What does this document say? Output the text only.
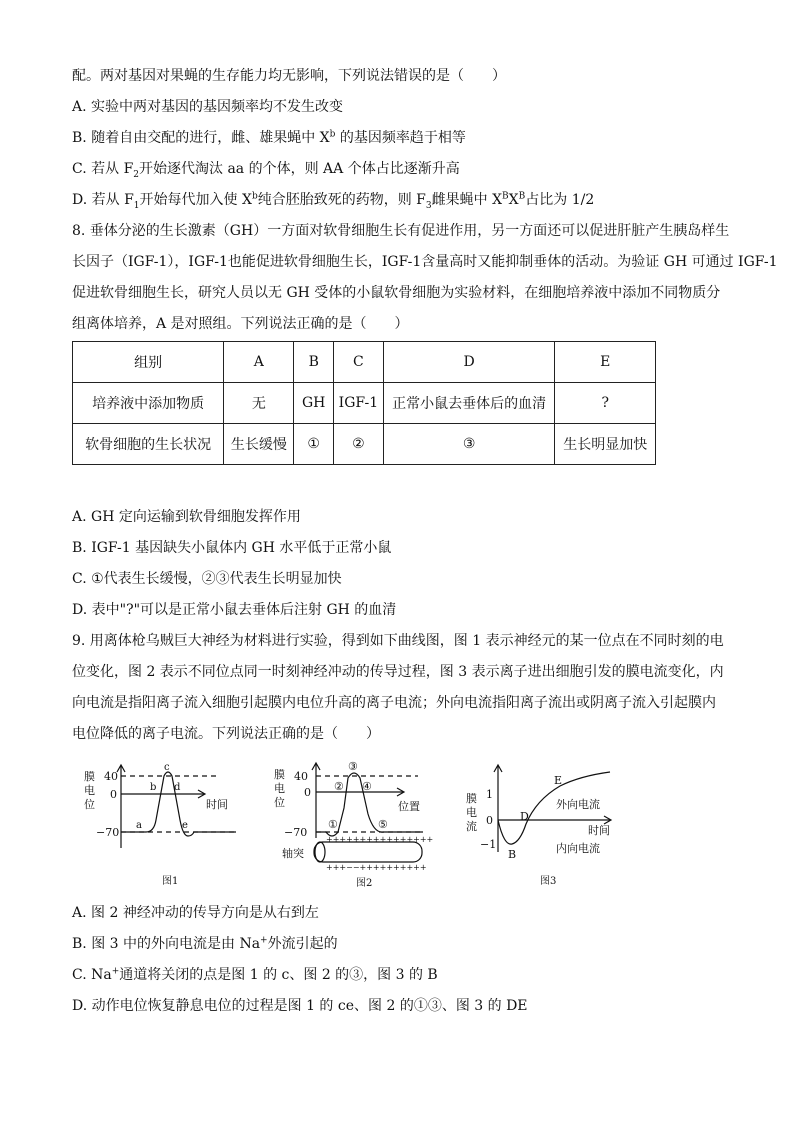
配。两对基因对果蝇的生存能力均无影响，下列说法错误的是（　　）
A. 实验中两对基因的基因频率均不发生改变
B. 随着自由交配的进行，雌、雄果蝇中 $X^b$ 的基因频率趋于相等
C. 若从 $F_2$开始逐代淘汰 aa 的个体，则 AA 个体占比逐渐升高
D. 若从 $F_1$开始每代加入使 $X^b$纯合胚胎致死的药物，则 $F_3$雌果蝇中 $X^BX^B$占比为 1/2
8. 垂体分泌的生长激素（GH）一方面对软骨细胞生长有促进作用，另一方面还可以促进肝脏产生胰岛样生
长因子（IGF-1），IGF-1也能促进软骨细胞生长，IGF-1含量高时又能抑制垂体的活动。为验证 GH 可通过 IGF-1
促进软骨细胞生长，研究人员以无 GH 受体的小鼠软骨细胞为实验材料，在细胞培养液中添加不同物质分
组离体培养，A 是对照组。下列说法正确的是（　　）
组别	A	B	C	D	E
培养液中添加物质	无	GH	IGF-1	正常小鼠去垂体后的血清	?
软骨细胞的生长状况	生长缓慢	①	②	③	生长明显加快
A. GH 定向运输到软骨细胞发挥作用
B. IGF-1 基因缺失小鼠体内 GH 水平低于正常小鼠
C. ①代表生长缓慢，②③代表生长明显加快
D. 表中"?"可以是正常小鼠去垂体后注射 GH 的血清
9. 用离体枪乌贼巨大神经为材料进行实验，得到如下曲线图，图 1 表示神经元的某一位点在不同时刻的电
位变化，图 2 表示不同位点同一时刻神经冲动的传导过程，图 3 表示离子进出细胞引发的膜电流变化，内
向电流是指阳离子流入细胞引起膜内电位升高的离子电流；外向电流指阳离子流出或阴离子流入引起膜内
电位降低的离子电流。下列说法正确的是（　　）
膜
电
位
40
0
−70
时间
a
b
c
d
e
图1
膜
电
位
40
0
−70
位置
①
②
③
④
⑤
轴突
++++++++++++++++
+++−−++++++++++
图2
膜
电
流
1
0
−1
时间
B
D
E
外向电流
内向电流
图3
A. 图 2 神经冲动的传导方向是从右到左
B. 图 3 中的外向电流是由 Na+外流引起的
C. Na+通道将关闭的点是图 1 的 c、图 2 的③，图 3 的 B
D. 动作电位恢复静息电位的过程是图 1 的 ce、图 2 的①③、图 3 的 DE
